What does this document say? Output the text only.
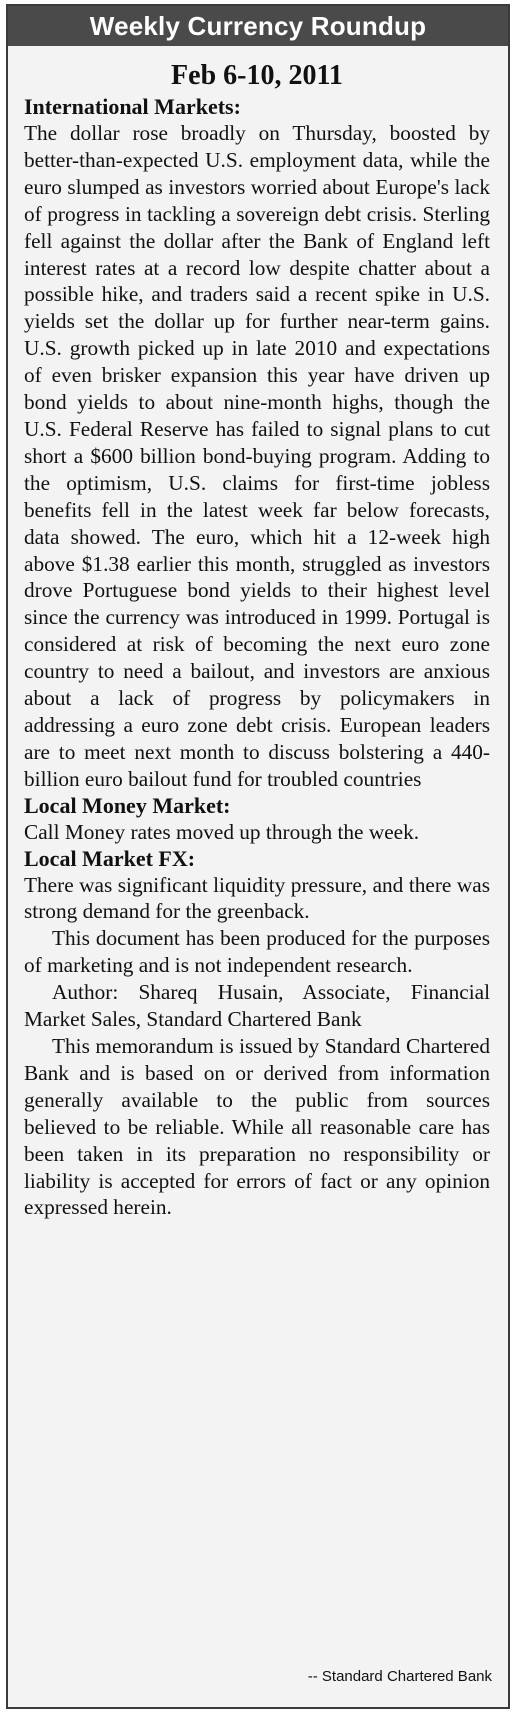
Weekly Currency Roundup
Feb 6-10, 2011
International Markets:

The dollar rose broadly on Thursday, boosted by better-than-expected U.S. employment data, while the euro slumped as investors worried about Europe's lack of progress in tackling a sovereign debt crisis. Sterling fell against the dollar after the Bank of England left interest rates at a record low despite chatter about a possible hike, and traders said a recent spike in U.S. yields set the dollar up for further near-term gains. U.S. growth picked up in late 2010 and expectations of even brisker expansion this year have driven up bond yields to about nine-month highs, though the U.S. Federal Reserve has failed to signal plans to cut short a $600 billion bond-buying program. Adding to the optimism, U.S. claims for first-time jobless benefits fell in the latest week far below forecasts, data showed. The euro, which hit a 12-week high above $1.38 earlier this month, struggled as investors drove Portuguese bond yields to their highest level since the currency was introduced in 1999. Portugal is considered at risk of becoming the next euro zone country to need a bailout, and investors are anxious about a lack of progress by policymakers in addressing a euro zone debt crisis. European leaders are to meet next month to discuss bolstering a 440-billion euro bailout fund for troubled countries

Local Money Market:

Call Money rates moved up through the week.

Local Market FX:

There was significant liquidity pressure, and there was strong demand for the greenback.

This document has been produced for the purposes of marketing and is not independent research.

Author: Shareq Husain, Associate, Financial Market Sales, Standard Chartered Bank

This memorandum is issued by Standard Chartered Bank and is based on or derived from information generally available to the public from sources believed to be reliable. While all reasonable care has been taken in its preparation no responsibility or liability is accepted for errors of fact or any opinion expressed herein.

-- Standard Chartered Bank
